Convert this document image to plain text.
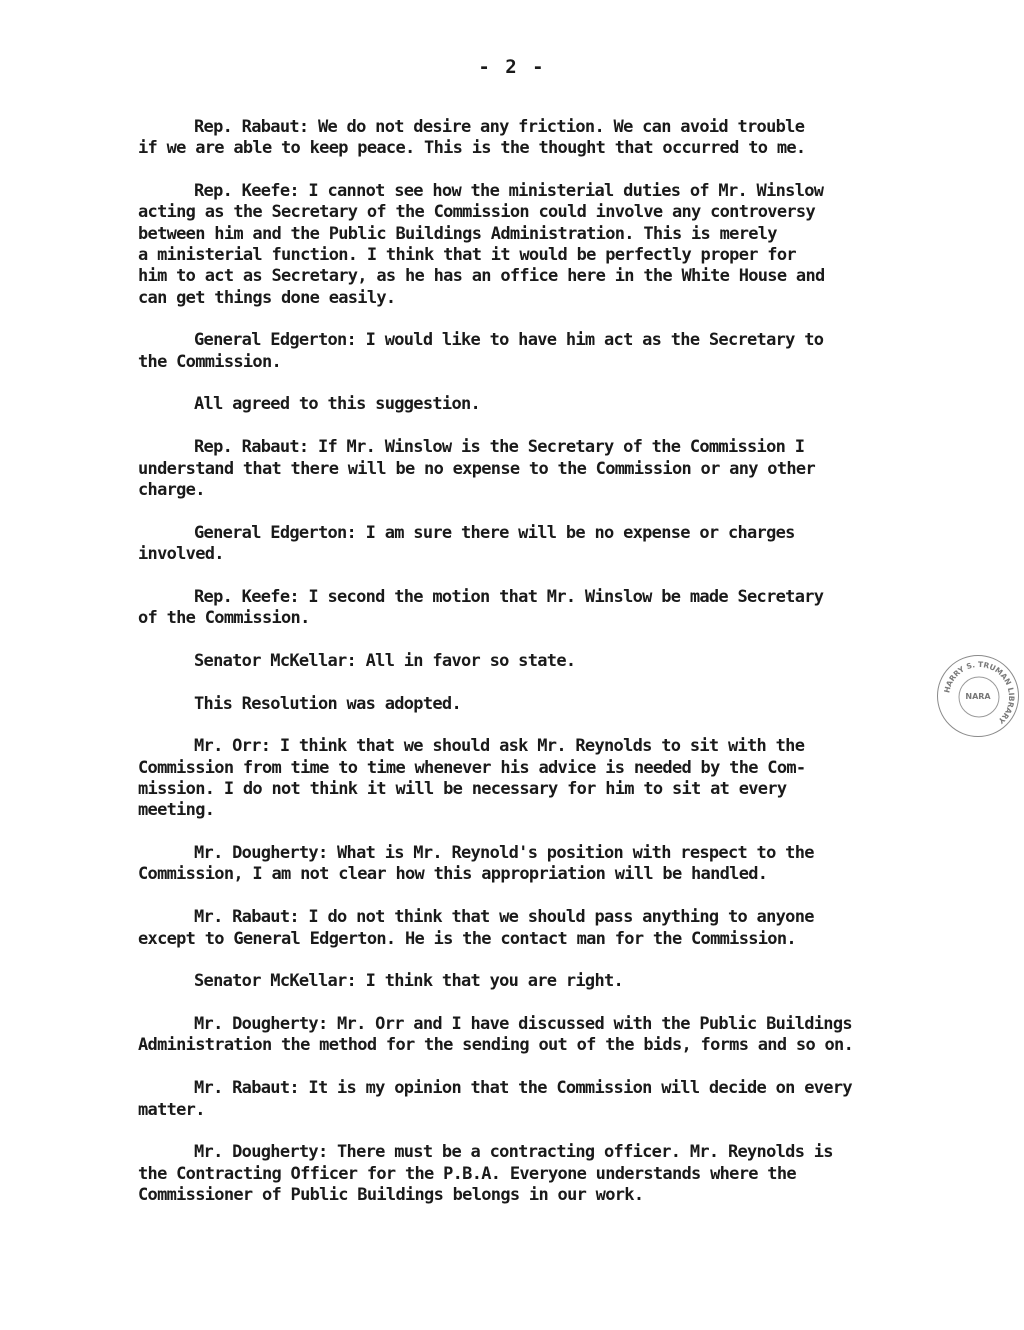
- 2 -

Rep. Rabaut: We do not desire any friction. We can avoid trouble
if we are able to keep peace. This is the thought that occurred to me.

Rep. Keefe: I cannot see how the ministerial duties of Mr. Winslow
acting as the Secretary of the Commission could involve any controversy
between him and the Public Buildings Administration. This is merely
a ministerial function. I think that it would be perfectly proper for
him to act as Secretary, as he has an office here in the White House and
can get things done easily.

General Edgerton: I would like to have him act as the Secretary to
the Commission.

All agreed to this suggestion.

Rep. Rabaut: If Mr. Winslow is the Secretary of the Commission I
understand that there will be no expense to the Commission or any other
charge.

General Edgerton: I am sure there will be no expense or charges
involved.

Rep. Keefe: I second the motion that Mr. Winslow be made Secretary
of the Commission.

Senator McKellar: All in favor so state.

This Resolution was adopted.

Mr. Orr: I think that we should ask Mr. Reynolds to sit with the
Commission from time to time whenever his advice is needed by the Com-
mission. I do not think it will be necessary for him to sit at every
meeting.

Mr. Dougherty: What is Mr. Reynold's position with respect to the
Commission, I am not clear how this appropriation will be handled.

Mr. Rabaut: I do not think that we should pass anything to anyone
except to General Edgerton. He is the contact man for the Commission.

Senator McKellar: I think that you are right.

Mr. Dougherty: Mr. Orr and I have discussed with the Public Buildings
Administration the method for the sending out of the bids, forms and so on.

Mr. Rabaut: It is my opinion that the Commission will decide on every
matter.

Mr. Dougherty: There must be a contracting officer. Mr. Reynolds is
the Contracting Officer for the P.B.A. Everyone understands where the
Commissioner of Public Buildings belongs in our work.

HARRY S. TRUMAN LIBRARY
NARA
